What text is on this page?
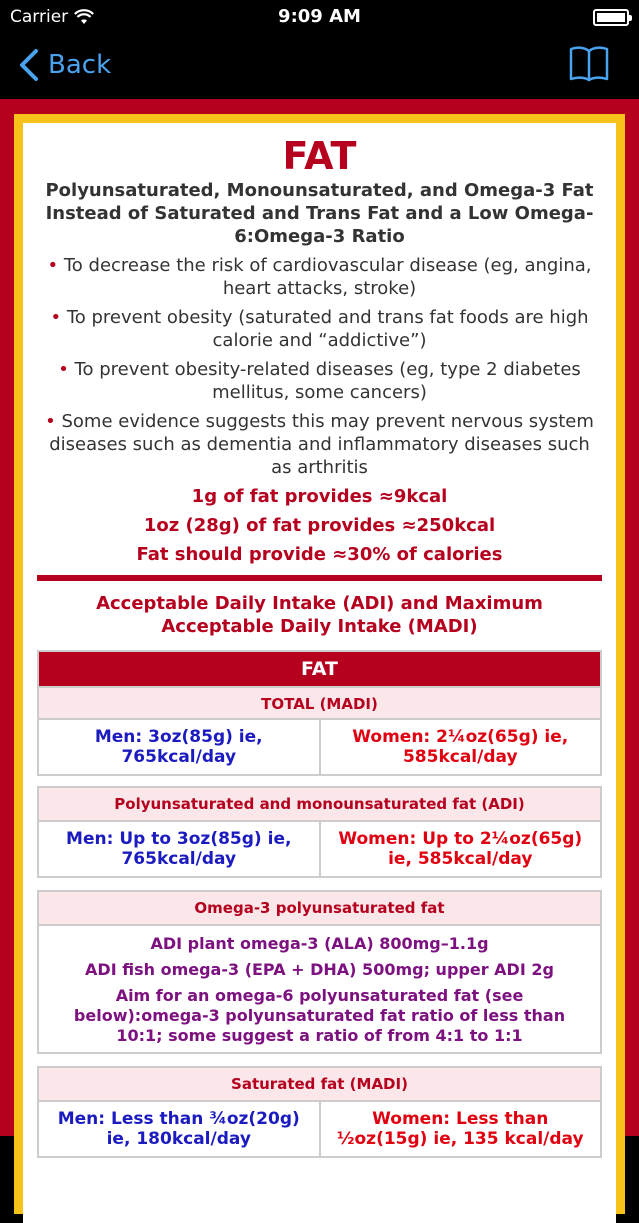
Carrier	9:09 AM
Back
FAT
Polyunsaturated, Monounsaturated, and Omega-3 Fat Instead of Saturated and Trans Fat and a Low Omega-6:Omega-3 Ratio
• To decrease the risk of cardiovascular disease (eg, angina, heart attacks, stroke)
• To prevent obesity (saturated and trans fat foods are high calorie and “addictive”)
• To prevent obesity-related diseases (eg, type 2 diabetes mellitus, some cancers)
• Some evidence suggests this may prevent nervous system diseases such as dementia and inflammatory diseases such as arthritis
1g of fat provides ≈9kcal
1oz (28g) of fat provides ≈250kcal
Fat should provide ≈30% of calories
Acceptable Daily Intake (ADI) and Maximum Acceptable Daily Intake (MADI)
FAT
TOTAL (MADI)
Men: 3oz(85g) ie, 765kcal/day
Women: 2¼oz(65g) ie, 585kcal/day
Polyunsaturated and monounsaturated fat (ADI)
Men: Up to 3oz(85g) ie, 765kcal/day
Women: Up to 2¼oz(65g) ie, 585kcal/day
Omega-3 polyunsaturated fat
ADI plant omega-3 (ALA) 800mg–1.1g
ADI fish omega-3 (EPA + DHA) 500mg; upper ADI 2g
Aim for an omega-6 polyunsaturated fat (see below):omega-3 polyunsaturated fat ratio of less than 10:1; some suggest a ratio of from 4:1 to 1:1
Saturated fat (MADI)
Men: Less than ¾oz(20g) ie, 180kcal/day
Women: Less than ½oz(15g) ie, 135 kcal/day
